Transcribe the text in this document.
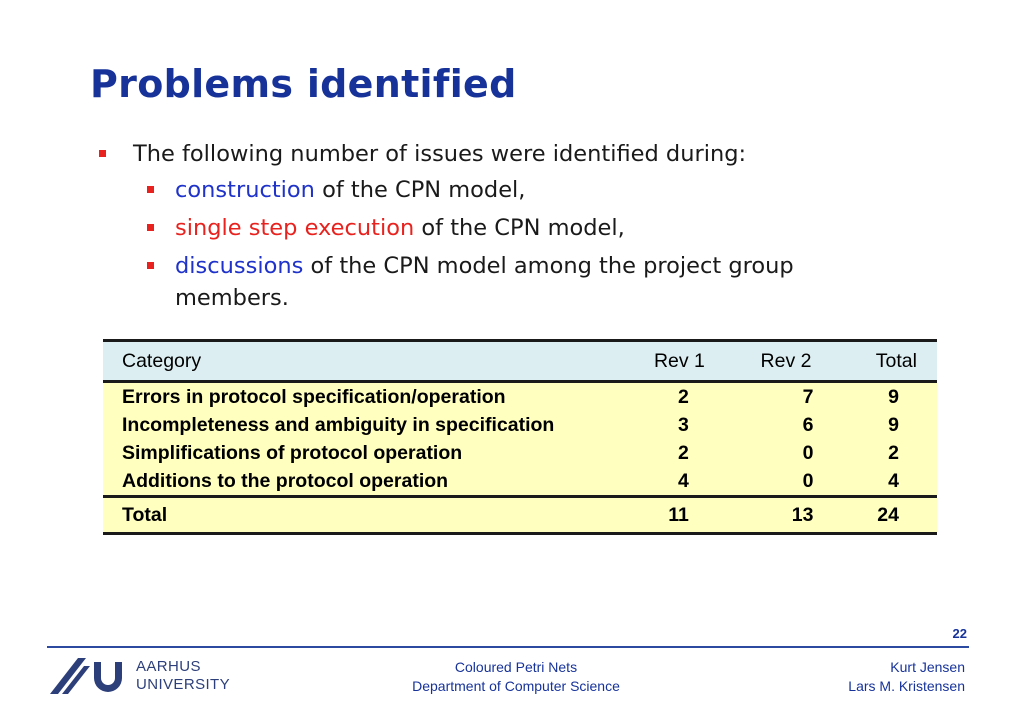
Problems identified
The following number of issues were identified during:
construction of the CPN model,
single step execution of the CPN model,
discussions of the CPN model among the project group
members.
Category	Rev 1	Rev 2	Total
Errors in protocol specification/operation	2	7	9
Incompleteness and ambiguity in specification	3	6	9
Simplifications of protocol operation	2	0	2
Additions to the protocol operation	4	0	4
Total	11	13	24
22
AARHUS
UNIVERSITY
Coloured Petri Nets
Department of Computer Science
Kurt Jensen
Lars M. Kristensen
